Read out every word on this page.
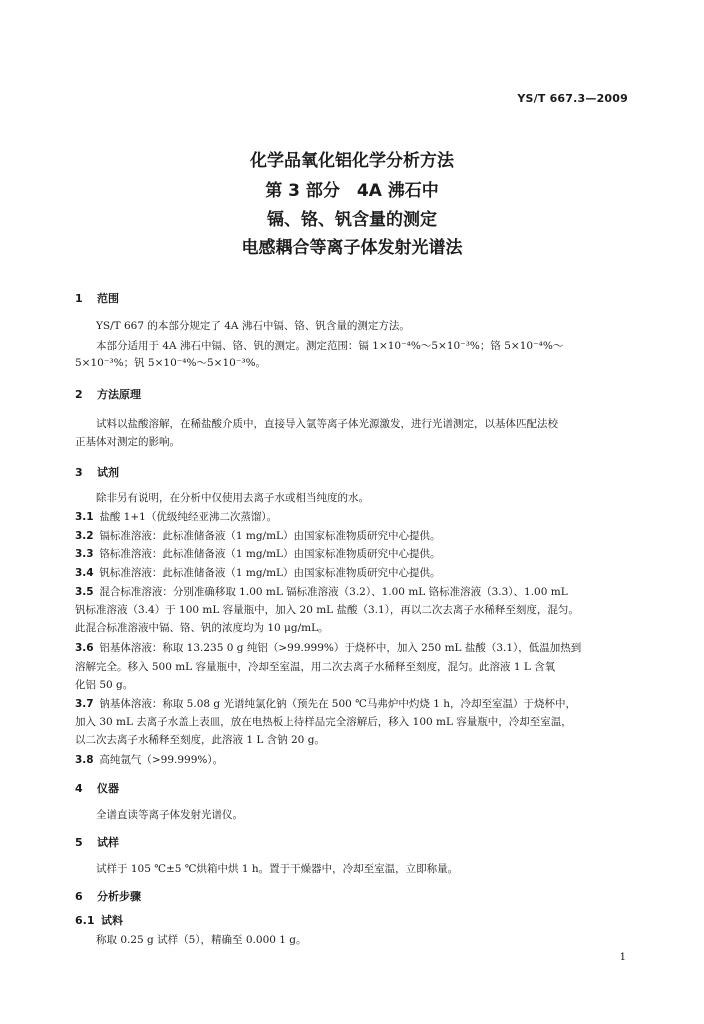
YS/T 667.3—2009
化学品氧化铝化学分析方法
第 3 部分　4A 沸石中
镉、铬、钒含量的测定
电感耦合等离子体发射光谱法
1 范围
YS/T 667 的本部分规定了 4A 沸石中镉、铬、钒含量的测定方法。
本部分适用于 4A 沸石中镉、铬、钒的测定。测定范围：镉 1×10⁻⁴%～5×10⁻³%；铬 5×10⁻⁴%～
5×10⁻³%；钒 5×10⁻⁴%～5×10⁻³%。
2 方法原理
试料以盐酸溶解，在稀盐酸介质中，直接导入氩等离子体光源激发，进行光谱测定，以基体匹配法校
正基体对测定的影响。
3 试剂
除非另有说明，在分析中仅使用去离子水或相当纯度的水。
3.1 盐酸 1+1（优级纯经亚沸二次蒸馏）。
3.2 镉标准溶液：此标准储备液（1 mg/mL）由国家标准物质研究中心提供。
3.3 铬标准溶液：此标准储备液（1 mg/mL）由国家标准物质研究中心提供。
3.4 钒标准溶液：此标准储备液（1 mg/mL）由国家标准物质研究中心提供。
3.5 混合标准溶液：分别准确移取 1.00 mL 镉标准溶液（3.2）、1.00 mL 铬标准溶液（3.3）、1.00 mL
钒标准溶液（3.4）于 100 mL 容量瓶中，加入 20 mL 盐酸（3.1），再以二次去离子水稀释至刻度，混匀。
此混合标准溶液中镉、铬、钒的浓度均为 10 μg/mL。
3.6 铝基体溶液：称取 13.235 0 g 纯铝（>99.999%）于烧杯中，加入 250 mL 盐酸（3.1），低温加热到
溶解完全。移入 500 mL 容量瓶中，冷却至室温，用二次去离子水稀释至刻度，混匀。此溶液 1 L 含氧
化铝 50 g。
3.7 钠基体溶液：称取 5.08 g 光谱纯氯化钠（预先在 500 ℃马弗炉中灼烧 1 h，冷却至室温）于烧杯中，
加入 30 mL 去离子水盖上表皿，放在电热板上待样品完全溶解后，移入 100 mL 容量瓶中，冷却至室温，
以二次去离子水稀释至刻度，此溶液 1 L 含钠 20 g。
3.8 高纯氩气（>99.999%）。
4 仪器
全谱直读等离子体发射光谱仪。
5 试样
试样于 105 ℃±5 ℃烘箱中烘 1 h。置于干燥器中，冷却至室温，立即称量。
6 分析步骤
6.1 试料
称取 0.25 g 试样（5），精确至 0.000 1 g。
1
